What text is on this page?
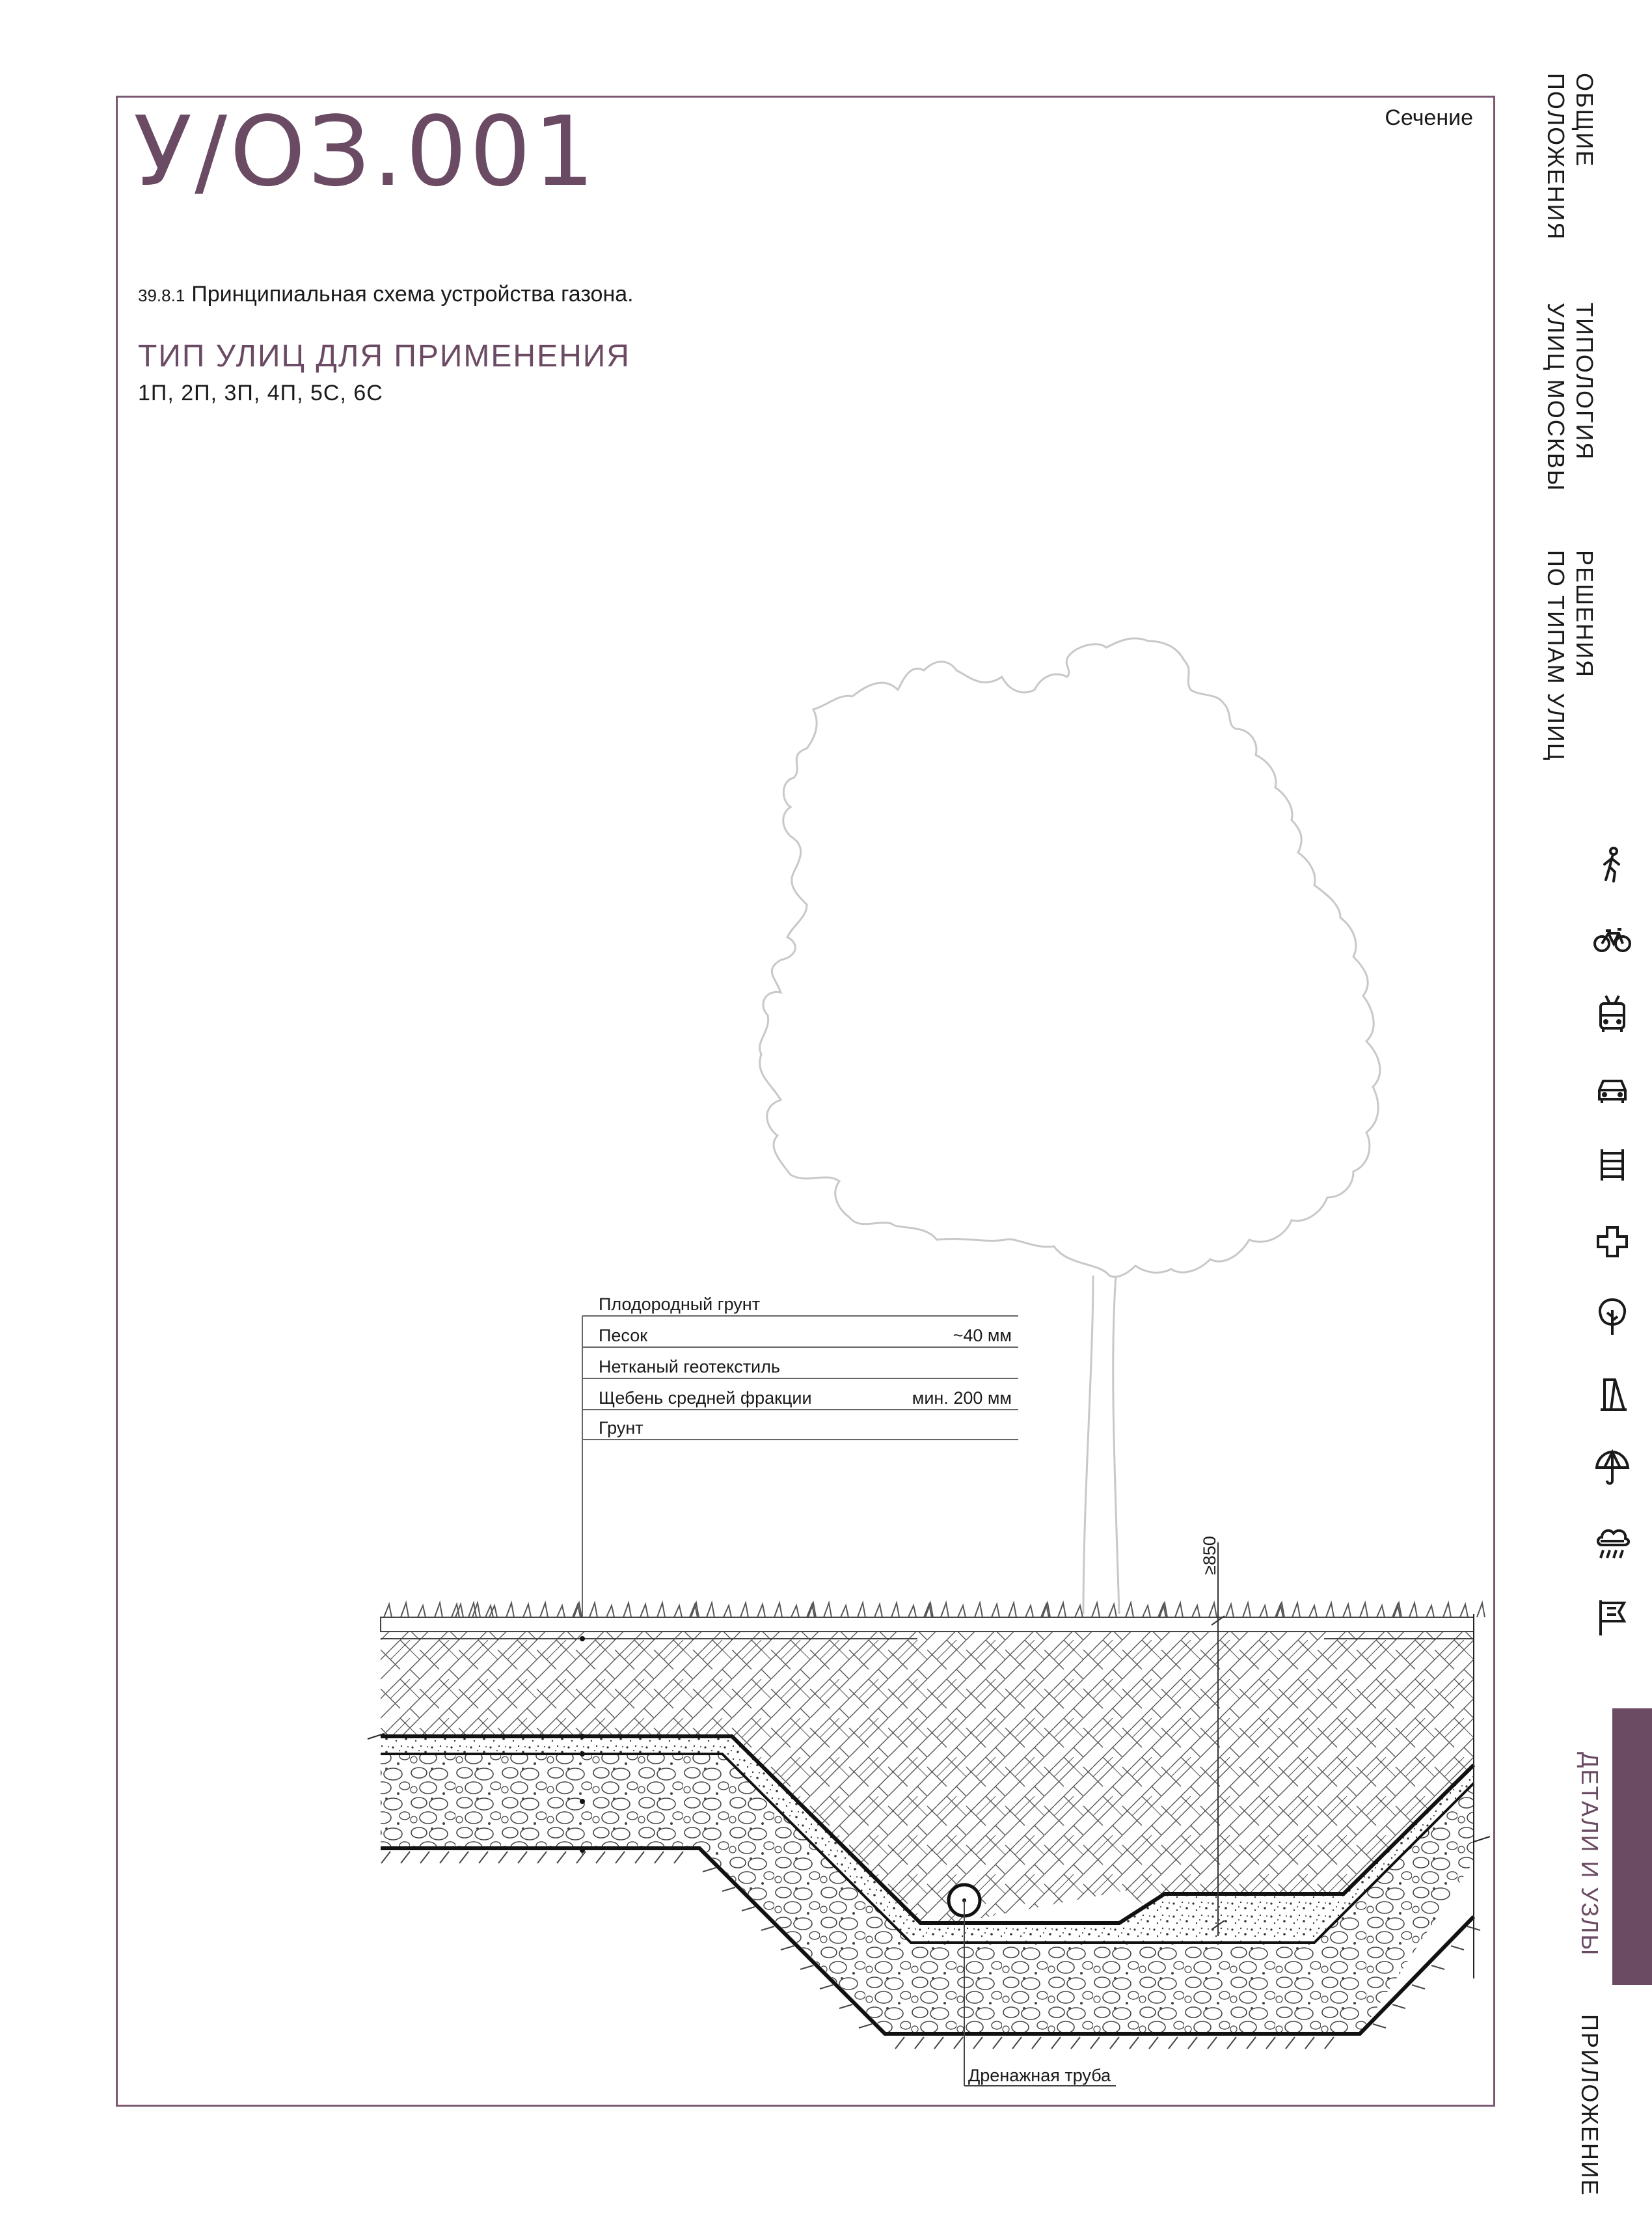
У/ОЗ.001	Сечение
39.8.1 Принципиальная схема устройства газона.
ТИП УЛИЦ ДЛЯ ПРИМЕНЕНИЯ
1П, 2П, 3П, 4П, 5С, 6С
Плодородный грунт
Песок	~40 мм
Нетканый геотекстиль
Щебень средней фракции	мин. 200 мм
Грунт
Дренажная труба
≥850
ОБЩИЕ
ПОЛОЖЕНИЯ
ТИПОЛОГИЯ
УЛИЦ МОСКВЫ
РЕШЕНИЯ
ПО ТИПАМ УЛИЦ
ДЕТАЛИ И УЗЛЫ
ПРИЛОЖЕНИЕ
